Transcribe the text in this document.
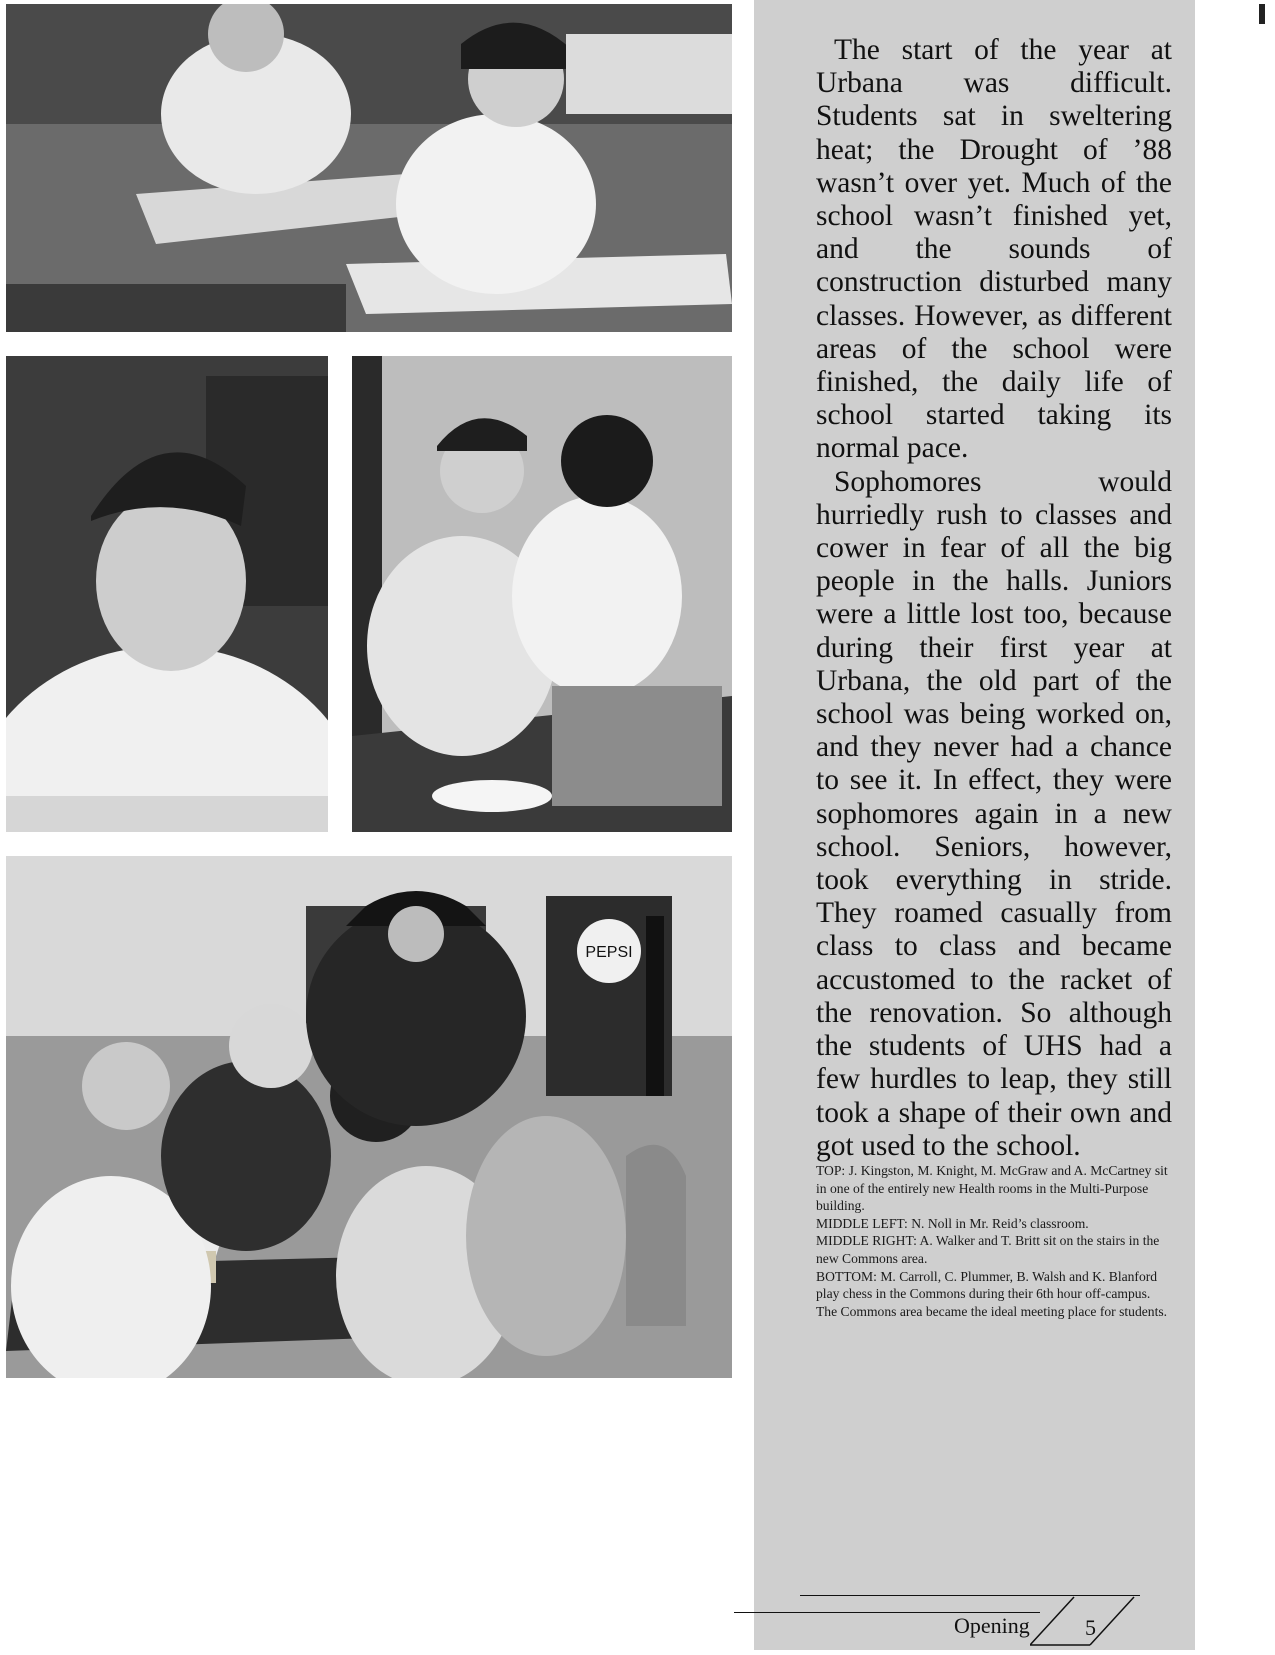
PEPSI

The start of the year at Urbana was difficult. Students sat in sweltering heat; the Drought of ’88 wasn’t over yet. Much of the school wasn’t finished yet, and the sounds of construction disturbed many classes. However, as different areas of the school were finished, the daily life of school started taking its normal pace.

Sophomores would hurriedly rush to classes and cower in fear of all the big people in the halls. Juniors were a little lost too, because during their first year at Urbana, the old part of the school was being worked on, and they never had a chance to see it. In effect, they were sophomores again in a new school. Seniors, however, took everything in stride. They roamed casually from class to class and became accustomed to the racket of the renovation. So although the students of UHS had a few hurdles to leap, they still took a shape of their own and got used to the school.

TOP: J. Kingston, M. Knight, M. McGraw and A. McCartney sit in one of the entirely new Health rooms in the Multi-Purpose building.

MIDDLE LEFT: N. Noll in Mr. Reid’s classroom.

MIDDLE RIGHT: A. Walker and T. Britt sit on the stairs in the new Commons area.

BOTTOM: M. Carroll, C. Plummer, B. Walsh and K. Blanford play chess in the Commons during their 6th hour off-campus. The Commons area became the ideal meeting place for students.

Opening	5
